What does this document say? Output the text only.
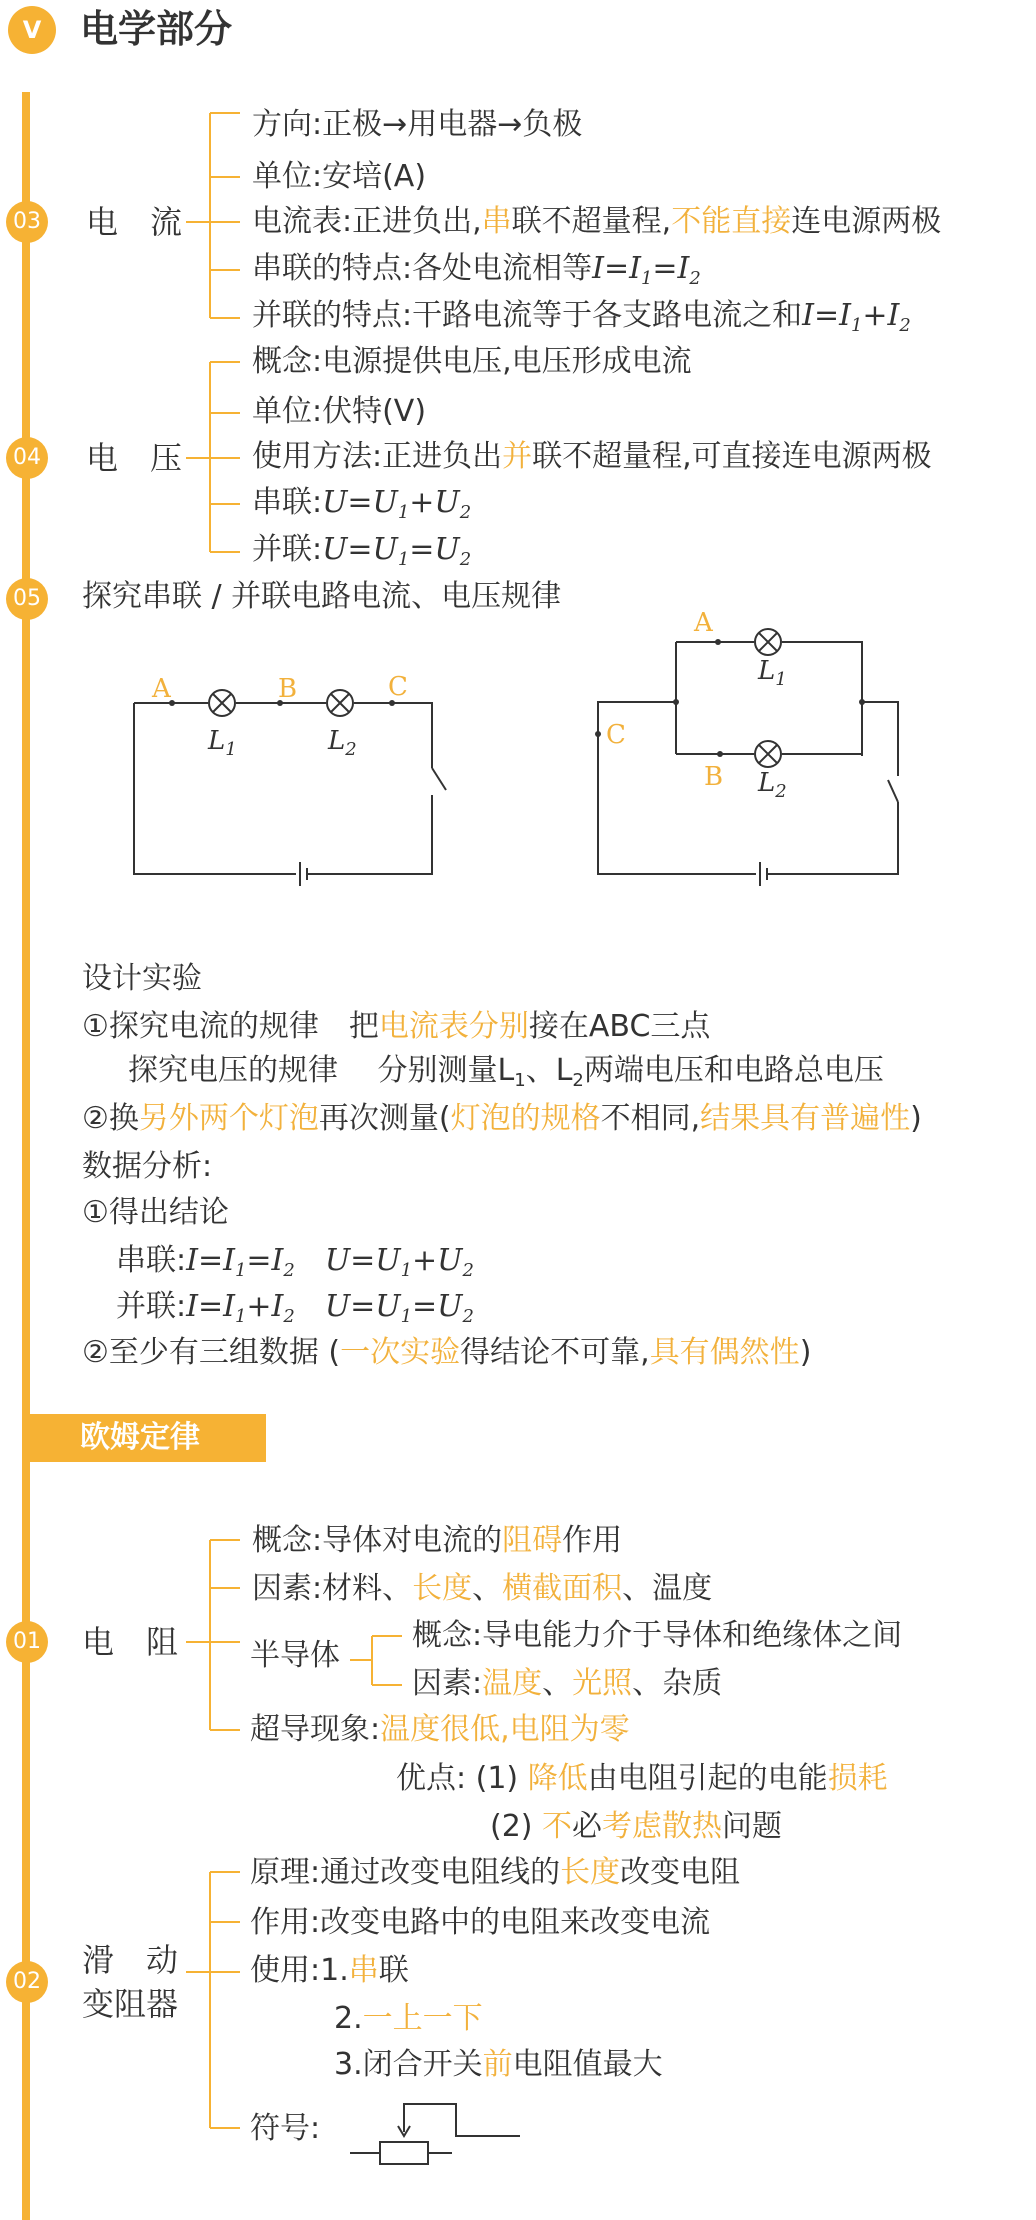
V	电学部分
03 电　流
方向:正极→用电器→负极
单位:安培(A)
电流表:正进负出,串联不超量程,不能直接连电源两极
串联的特点:各处电流相等$I=I_1=I_2$
并联的特点:干路电流等于各支路电流之和$I=I_1+I_2$
04 电　压
概念:电源提供电压,电压形成电流
单位:伏特(V)
使用方法:正进负出并联不超量程,可直接连电源两极
串联$:U=U_1+U_2$
并联$:U=U_1=U_2$
05 探究串联 / 并联电路电流、电压规律
A	B	C
$L_1$	$L_2$
A
B
C
$L_1$
$L_2$
设计实验
①探究电流的规律　把电流表分别接在ABC三点
探究电压的规律　 分别测量$L_1$、$L_2$两端电压和电路总电压
②换另外两个灯泡再次测量(灯泡的规格不相同,结果具有普遍性)
数据分析:
①得出结论
串联$:I=I_1=I_2$　$U=U_1+U_2$
并联$:I=I_1+I_2$　$U=U_1=U_2$
②至少有三组数据 (一次实验得结论不可靠,具有偶然性)
欧姆定律
01 电　阻
概念:导体对电流的阻碍作用
因素:材料、长度、横截面积、温度
半导体
概念:导电能力介于导体和绝缘体之间
因素:温度、光照、杂质
超导现象:温度很低,电阻为零
优点: (1) 降低由电阻引起的电能损耗
(2) 不必考虑散热问题
02
滑　动
变阻器
原理:通过改变电阻线的长度改变电阻
作用:改变电路中的电阻来改变电流
使用:1.串联
2.一上一下
3.闭合开关前电阻值最大
符号:
